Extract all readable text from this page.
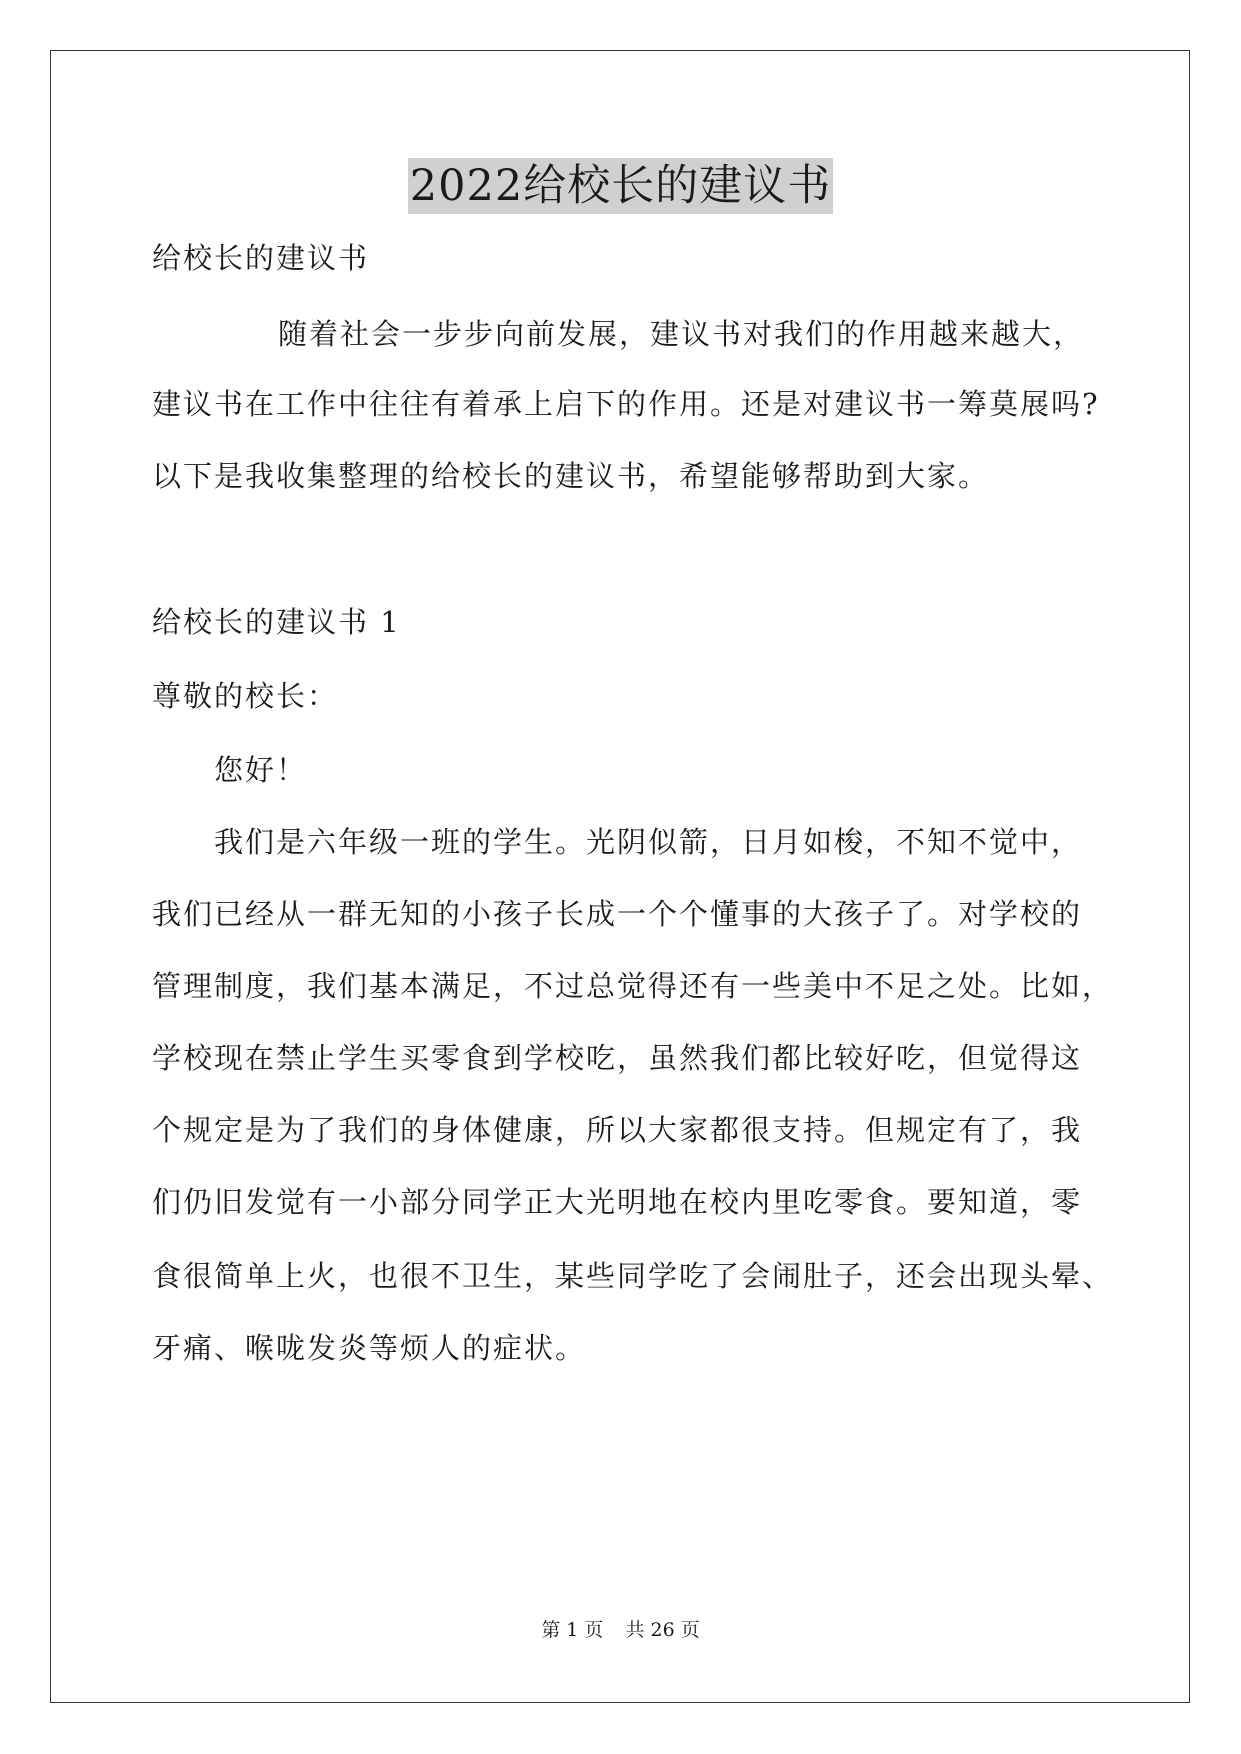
2022给校长的建议书
给校长的建议书
随着社会一步步向前发展，建议书对我们的作用越来越大，
建议书在工作中往往有着承上启下的作用。还是对建议书一筹莫展吗?
以下是我收集整理的给校长的建议书，希望能够帮助到大家。
给校长的建议书 1
尊敬的校长：
您好！
我们是六年级一班的学生。光阴似箭，日月如梭，不知不觉中，
我们已经从一群无知的小孩子长成一个个懂事的大孩子了。对学校的
管理制度，我们基本满足，不过总觉得还有一些美中不足之处。比如，
学校现在禁止学生买零食到学校吃，虽然我们都比较好吃，但觉得这
个规定是为了我们的身体健康，所以大家都很支持。但规定有了，我
们仍旧发觉有一小部分同学正大光明地在校内里吃零食。要知道，零
食很简单上火，也很不卫生，某些同学吃了会闹肚子，还会出现头晕、
牙痛、喉咙发炎等烦人的症状。
第 1 页 共 26 页
